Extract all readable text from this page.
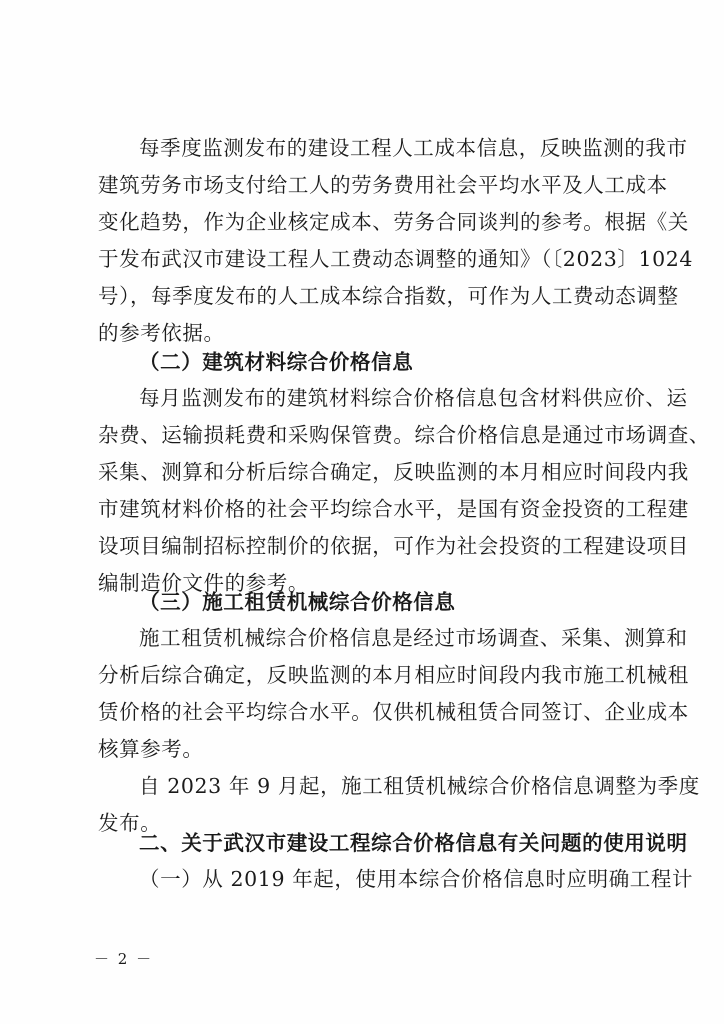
每季度监测发布的建设工程人工成本信息，反映监测的我市
建筑劳务市场支付给工人的劳务费用社会平均水平及人工成本
变化趋势，作为企业核定成本、劳务合同谈判的参考。根据《关
于发布武汉市建设工程人工费动态调整的通知》（〔2023〕1024
号），每季度发布的人工成本综合指数，可作为人工费动态调整
的参考依据。
（二）建筑材料综合价格信息
每月监测发布的建筑材料综合价格信息包含材料供应价、运
杂费、运输损耗费和采购保管费。综合价格信息是通过市场调查、
采集、测算和分析后综合确定，反映监测的本月相应时间段内我
市建筑材料价格的社会平均综合水平，是国有资金投资的工程建
设项目编制招标控制价的依据，可作为社会投资的工程建设项目
编制造价文件的参考。
（三）施工租赁机械综合价格信息
施工租赁机械综合价格信息是经过市场调查、采集、测算和
分析后综合确定，反映监测的本月相应时间段内我市施工机械租
赁价格的社会平均综合水平。仅供机械租赁合同签订、企业成本
核算参考。
自 2023 年 9 月起，施工租赁机械综合价格信息调整为季度
发布。
二、关于武汉市建设工程综合价格信息有关问题的使用说明
（一）从 2019 年起，使用本综合价格信息时应明确工程计
－ 2 －
